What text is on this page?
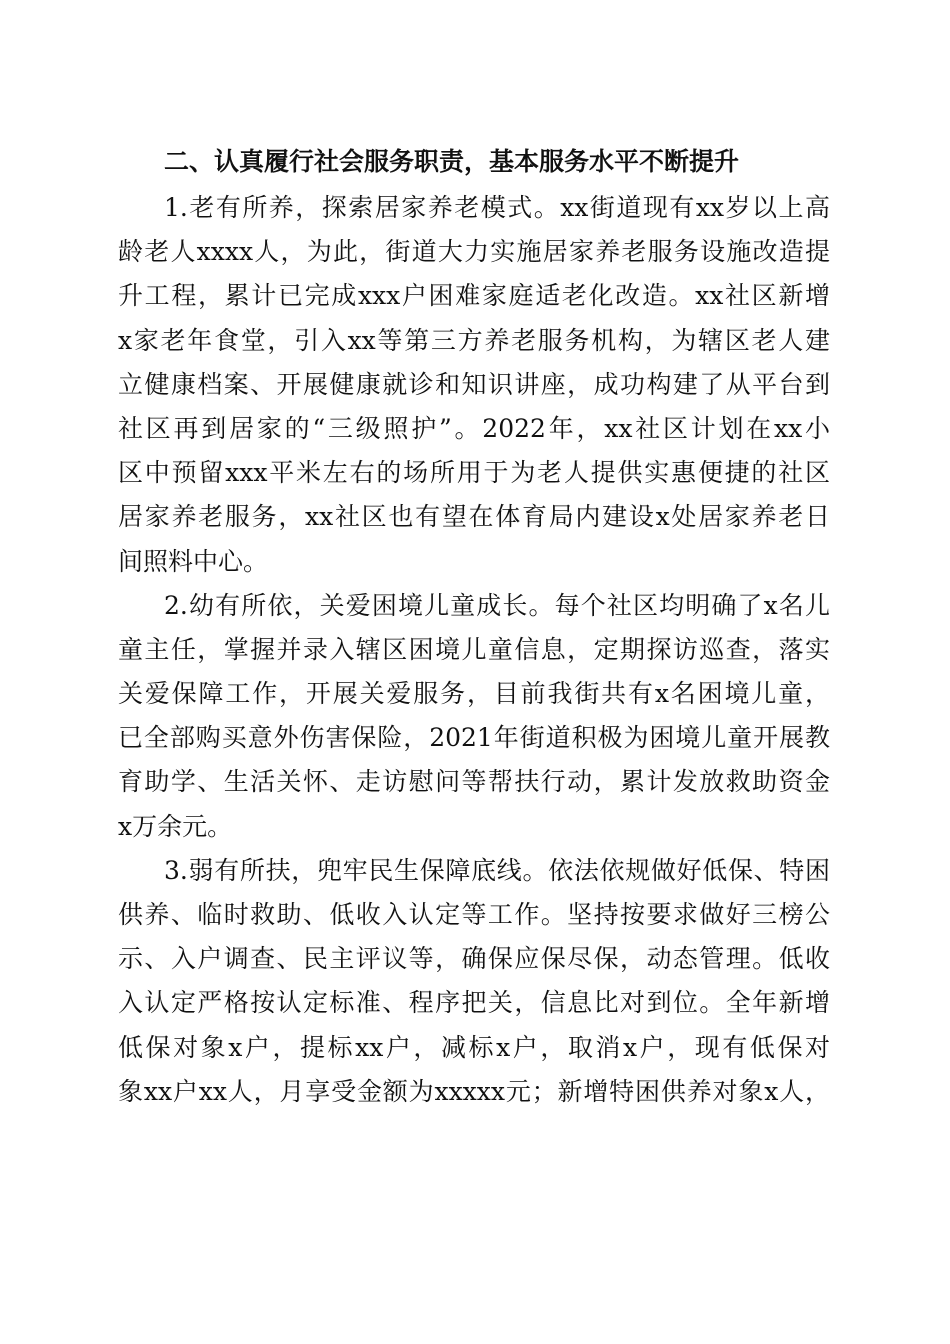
二、认真履行社会服务职责，基本服务水平不断提升
1.老有所养，探索居家养老模式。xx街道现有xx岁以上高
龄老人xxxx人，为此，街道大力实施居家养老服务设施改造提
升工程，累计已完成xxx户困难家庭适老化改造。xx社区新增
x家老年食堂，引入xx等第三方养老服务机构，为辖区老人建
立健康档案、开展健康就诊和知识讲座，成功构建了从平台到
社区再到居家的“三级照护”。2022年，xx社区计划在xx小
区中预留xxx平米左右的场所用于为老人提供实惠便捷的社区
居家养老服务，xx社区也有望在体育局内建设x处居家养老日
间照料中心。
2.幼有所依，关爱困境儿童成长。每个社区均明确了x名儿
童主任，掌握并录入辖区困境儿童信息，定期探访巡查，落实
关爱保障工作，开展关爱服务，目前我街共有x名困境儿童，
已全部购买意外伤害保险，2021年街道积极为困境儿童开展教
育助学、生活关怀、走访慰问等帮扶行动，累计发放救助资金
x万余元。
3.弱有所扶，兜牢民生保障底线。依法依规做好低保、特困
供养、临时救助、低收入认定等工作。坚持按要求做好三榜公
示、入户调查、民主评议等，确保应保尽保，动态管理。低收
入认定严格按认定标准、程序把关，信息比对到位。全年新增
低保对象x户，提标xx户，减标x户，取消x户，现有低保对
象xx户xx人，月享受金额为xxxxx元；新增特困供养对象x人，
